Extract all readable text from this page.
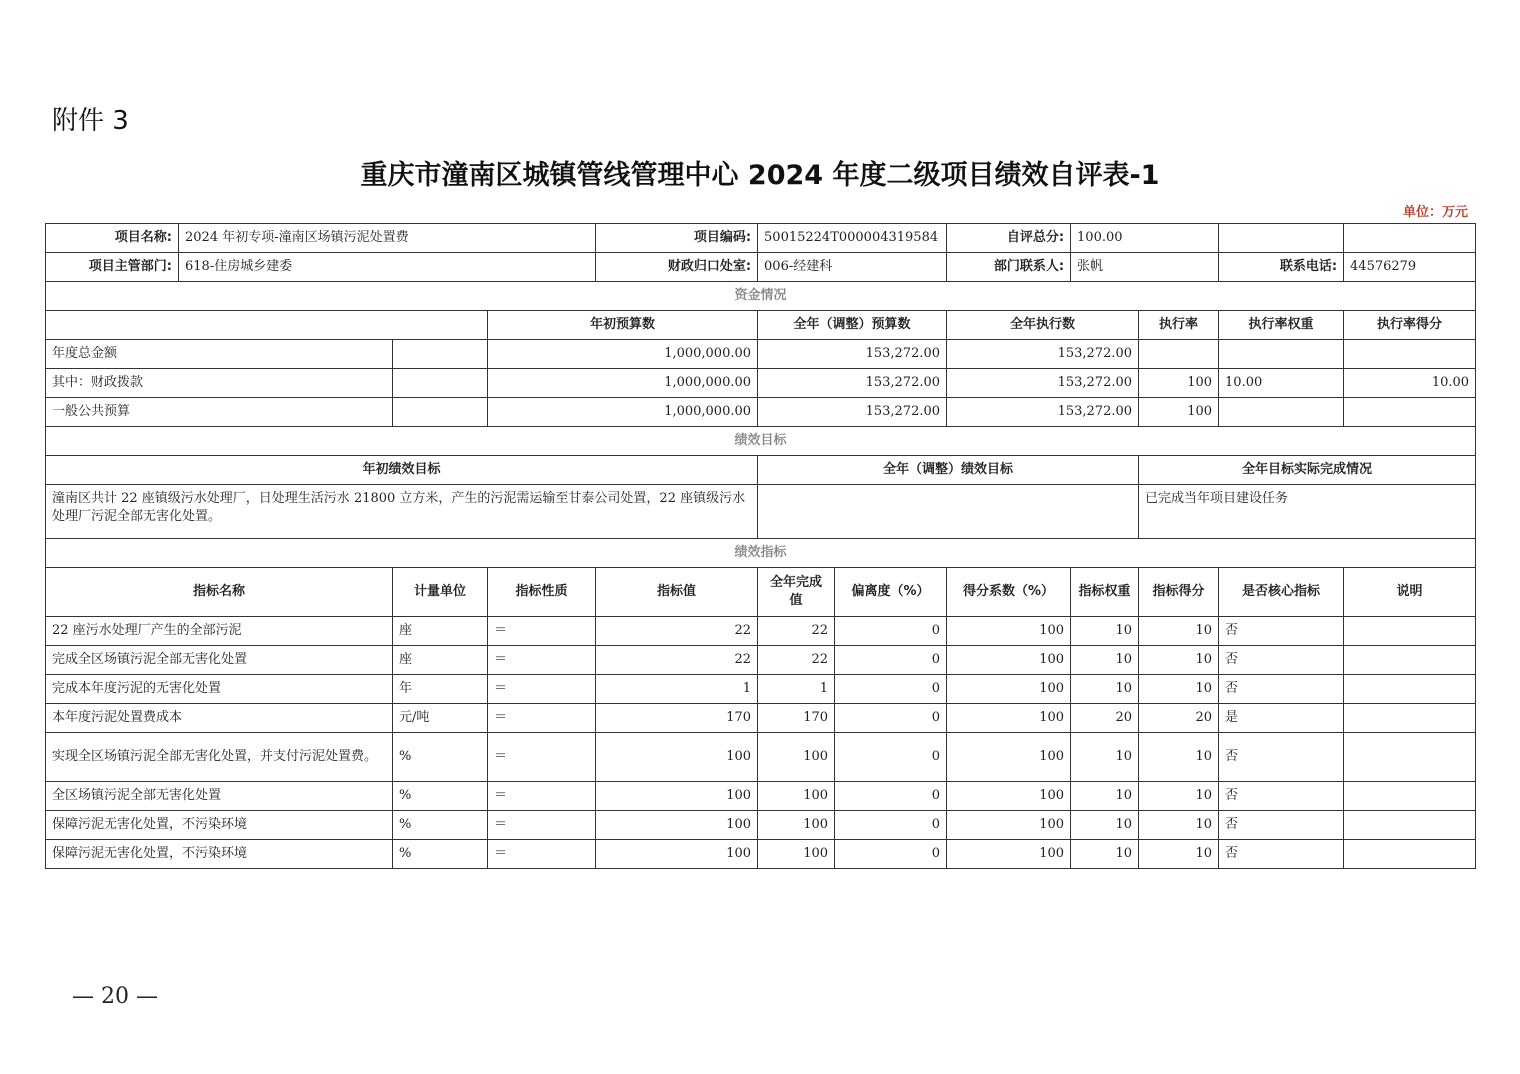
附件 3
重庆市潼南区城镇管线管理中心 2024 年度二级项目绩效自评表-1
单位：万元
项目名称:	2024 年初专项-潼南区场镇污泥处置费			项目编码:	50015224T000004319584		自评总分:	100.00			
项目主管部门:	618-住房城乡建委			财政归口处室:	006-经建科		部门联系人:	张帆		联系电话:	44576279
资金情况											
			年初预算数		全年（调整）预算数		全年执行数		执行率	执行率权重	执行率得分
年度总金额			1,000,000.00		153,272.00		153,272.00				
其中：财政拨款			1,000,000.00		153,272.00		153,272.00		100	10.00	10.00
一般公共预算			1,000,000.00		153,272.00		153,272.00		100		
绩效目标											
年初绩效目标					全年（调整）绩效目标				全年目标实际完成情况		
潼南区共计 22 座镇级污水处理厂，日处理生活污水 21800 立方米，产生的污泥需运输至甘泰公司处置，22 座镇级污水处理厂污泥全部无害化处置。									已完成当年项目建设任务		
绩效指标											
指标名称		计量单位	指标性质	指标值	全年完成值	偏离度（%）	得分系数（%）	指标权重	指标得分	是否核心指标	说明
22 座污水处理厂产生的全部污泥		座	＝	22	22	0	100	10	10	否	
完成全区场镇污泥全部无害化处置		座	＝	22	22	0	100	10	10	否	
完成本年度污泥的无害化处置		年	＝	1	1	0	100	10	10	否	
本年度污泥处置费成本		元/吨	＝	170	170	0	100	20	20	是	
实现全区场镇污泥全部无害化处置，并支付污泥处置费。		%	＝	100	100	0	100	10	10	否	
全区场镇污泥全部无害化处置		%	＝	100	100	0	100	10	10	否	
保障污泥无害化处置，不污染环境		%	＝	100	100	0	100	10	10	否	
保障污泥无害化处置，不污染环境		%	＝	100	100	0	100	10	10	否	
— 20 —
